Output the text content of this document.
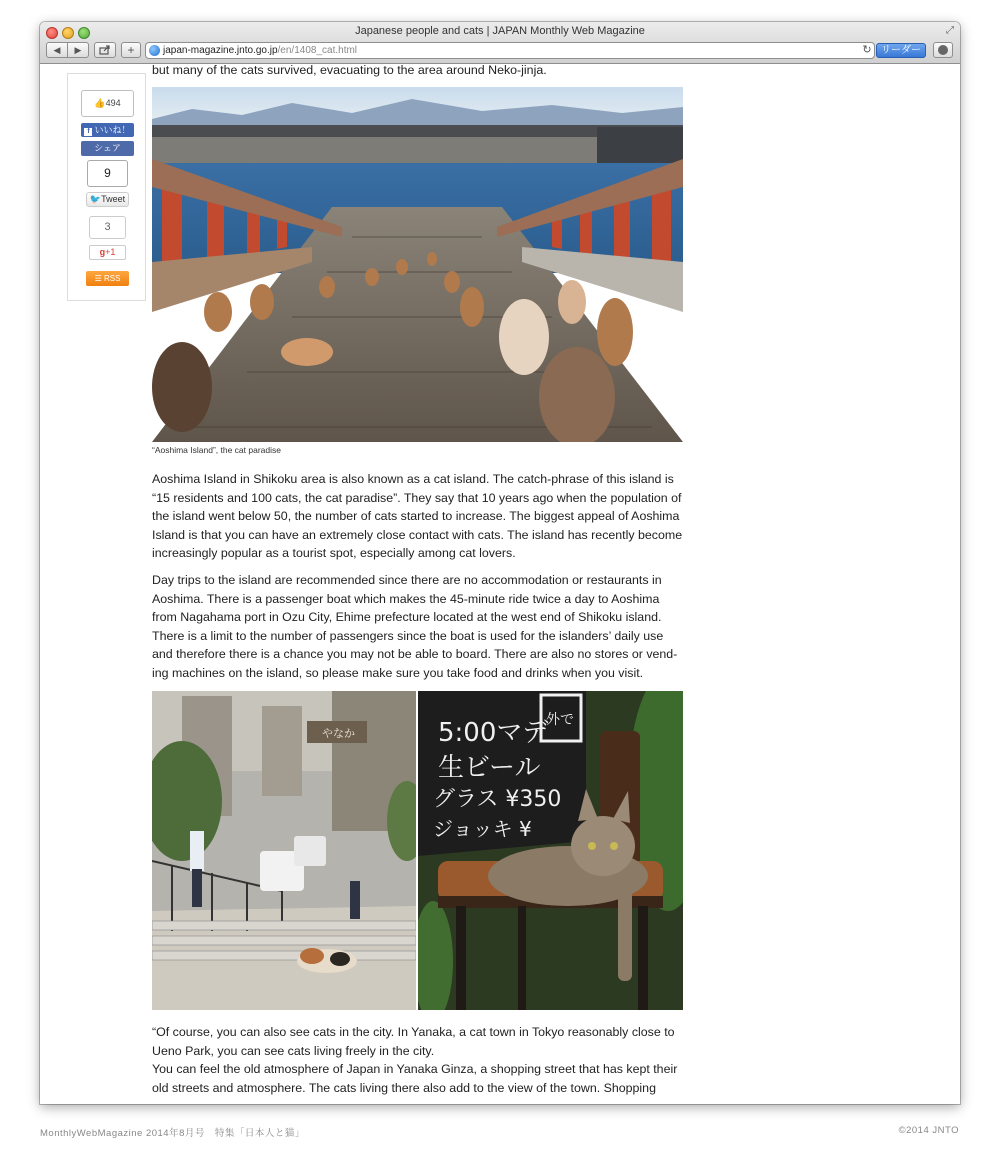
Japanese people and cats | JAPAN Monthly Web Magazine	⤢
◀ ▶	+	japan-magazine.jnto.go.jp/en/1408_cat.html	↻ リーダー
but many of the cats survived, evacuating to the area around Neko-jinja.
👍494
f いいね！
シェア
9
🐦Tweet
3
g+1
☰ RSS
“Aoshima Island”, the cat paradise
Aoshima Island in Shikoku area is also known as a cat island. The catch-phrase of this island is
“15 residents and 100 cats, the cat paradise”. They say that 10 years ago when the population of
the island went below 50, the number of cats started to increase. The biggest appeal of Aoshima
Island is that you can have an extremely close contact with cats. The island has recently become
increasingly popular as a tourist spot, especially among cat lovers.
Day trips to the island are recommended since there are no accommodation or restaurants in
Aoshima. There is a passenger boat which makes the 45-minute ride twice a day to Aoshima
from Nagahama port in Ozu City, Ehime prefecture located at the west end of Shikoku island.
There is a limit to the number of passengers since the boat is used for the islanders’ daily use
and therefore there is a chance you may not be able to board. There are also no stores or vend-
ing machines on the island, so please make sure you take food and drinks when you visit.
やなか	5:00マデ
生ビール
グラス ¥350
ジョッキ ¥
外で
“Of course, you can also see cats in the city. In Yanaka, a cat town in Tokyo reasonably close to
Ueno Park, you can see cats living freely in the city.
You can feel the old atmosphere of Japan in Yanaka Ginza, a shopping street that has kept their
old streets and atmosphere. The cats living there also add to the view of the town. Shopping
MonthlyWebMagazine 2014年8月号　特集「日本人と猫」	©2014 JNTO
